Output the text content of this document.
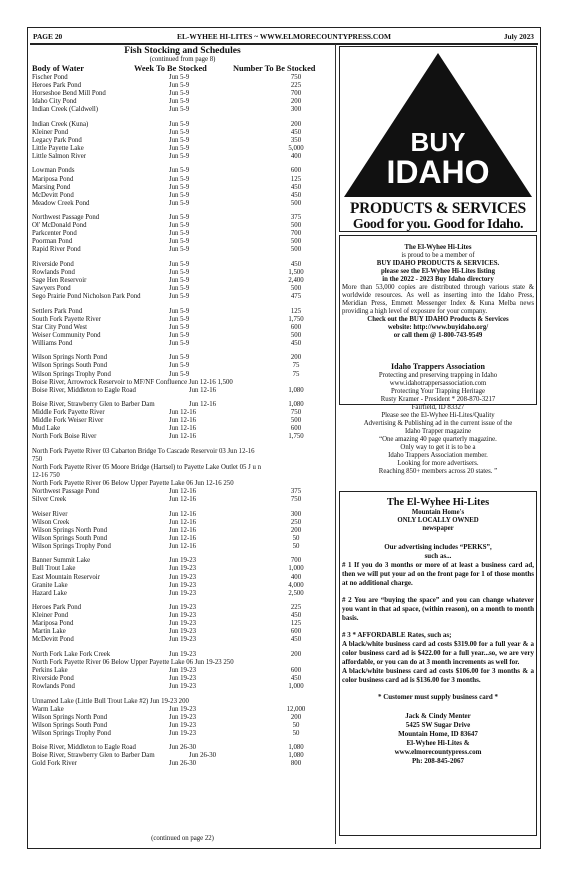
PAGE 20	EL-WYHEE HI-LITES ~ WWW.ELMORECOUNTYPRESS.COM	July 2023
Fish Stocking and Schedules
(continued from page 8)
Body of Water	Week To Be Stocked	Number To Be Stocked
Fischer Pond	Jun 5-9	750
Heroes Park Pond	Jun 5-9	225
Horseshoe Bend Mill Pond	Jun 5-9	700
Idaho City Pond	Jun 5-9	200
Indian Creek (Caldwell)	Jun 5-9	300
Indian Creek (Kuna)	Jun 5-9	200
Kleiner Pond	Jun 5-9	450
Legacy Park Pond	Jun 5-9	350
Little Payette Lake	Jun 5-9	5,000
Little Salmon River	Jun 5-9	400
Lowman Ponds	Jun 5-9	600
Mariposa Pond	Jun 5-9	125
Marsing Pond	Jun 5-9	450
McDevitt Pond	Jun 5-9	450
Meadow Creek Pond	Jun 5-9	500
Northwest Passage Pond	Jun 5-9	375
Ol' McDonald Pond	Jun 5-9	500
Parkcenter Pond	Jun 5-9	700
Poorman Pond	Jun 5-9	500
Rapid River Pond	Jun 5-9	500
Riverside Pond	Jun 5-9	450
Rowlands Pond	Jun 5-9	1,500
Sage Hen Reservoir	Jun 5-9	2,400
Sawyers Pond	Jun 5-9	500
Sego Prairie Pond Nicholson Park Pond	Jun 5-9	475
Settlers Park Pond	Jun 5-9	125
South Fork Payette River	Jun 5-9	1,750
Star City Pond West	Jun 5-9	600
Weiser Community Pond	Jun 5-9	500
Williams Pond	Jun 5-9	450
Wilson Springs North Pond	Jun 5-9	200
Wilson Springs South Pond	Jun 5-9	75
Wilson Springs Trophy Pond	Jun 5-9	75
Boise River, Arrowrock Reservoir to MF/NF Confluence Jun 12-16 1,500
Boise River, Middleton to Eagle Road	Jun 12-16	1,080
Boise River, Strawberry Glen to Barber Dam	Jun 12-16	1,080
Middle Fork Payette River	Jun 12-16	750
Middle Fork Weiser River	Jun 12-16	500
Mud Lake	Jun 12-16	600
North Fork Boise River	Jun 12-16	1,750
North Fork Payette River 03 Cabarton Bridge To Cascade Reservoir 03 Jun 12-16
750
North Fork Payette River 05 Moore Bridge (Hartsel) to Payette Lake Outlet 05 J u n
12-16 750
North Fork Payette River 06 Below Upper Payette Lake 06 Jun 12-16 250
Northwest Passage Pond	Jun 12-16	375
Silver Creek	Jun 12-16	750
Weiser River	Jun 12-16	300
Wilson Creek	Jun 12-16	250
Wilson Springs North Pond	Jun 12-16	200
Wilson Springs South Pond	Jun 12-16	50
Wilson Springs Trophy Pond	Jun 12-16	50
Banner Summit Lake	Jun 19-23	700
Bull Trout Lake	Jun 19-23	1,000
East Mountain Reservoir	Jun 19-23	400
Granite Lake	Jun 19-23	4,000
Hazard Lake	Jun 19-23	2,500
Heroes Park Pond	Jun 19-23	225
Kleiner Pond	Jun 19-23	450
Mariposa Pond	Jun 19-23	125
Martin Lake	Jun 19-23	600
McDevitt Pond	Jun 19-23	450
North Fork Lake Fork Creek	Jun 19-23	200
North Fork Payette River 06 Below Upper Payette Lake 06 Jun 19-23 250
Perkins Lake	Jun 19-23	600
Riverside Pond	Jun 19-23	450
Rowlands Pond	Jun 19-23	1,000
Unnamed Lake (Little Bull Trout Lake #2) Jun 19-23 200
Warm Lake	Jun 19-23	12,000
Wilson Springs North Pond	Jun 19-23	200
Wilson Springs South Pond	Jun 19-23	50
Wilson Springs Trophy Pond	Jun 19-23	50
Boise River, Middleton to Eagle Road	Jun 26-30	1,080
Boise River, Strawberry Glen to Barber Dam	Jun 26-30	1,080
Gold Fork River	Jun 26-30	800
(continued on page 22)
BUY
IDAHO
PRODUCTS & SERVICES
Good for you. Good for Idaho.

The El-Wyhee Hi-Lites

is proud to be a member of

BUY IDAHO PRODUCTS & SERVICES.

please see the El-Wyhee Hi-Lites listing

in the 2022 - 2023 Buy Idaho directory

More than 53,000 copies are distributed through various state & worldwide resources. As well as inserting into the Idaho Press, Meridian Press, Emmett Messenger Index & Kuna Melba news providing a high level of exposure for your company.

Check out the BUY IDAHO Products & Services

website: http://www.buyidaho.org/

or call them @ 1-800-743-9549

Idaho Trappers Association

Protecting and preserving trapping in Idaho

www.idahotrappersassociation.com

Protecting Your Trapping Heritage

Rusty Kramer - President * 208-870-3217

Fairfield, ID 83327

Please see the El-Wyhee Hi-Lites/Quality

Advertising & Publishing ad in the current issue of the

Idaho Trapper magazine

“One amazing 40 page quarterly magazine.

Only way to get it is to be a

Idaho Trappers Association member.

Looking for more advertisers.

Reaching 850+ members across 20 states. ”

The El-Wyhee Hi-Lites

Mountain Home's

ONLY LOCALLY OWNED

newspaper

Our advertising includes “PERKS”,

such as...

# 1 If you do 3 months or more of at least a business card ad, then we will put your ad on the front page for 1 of those months at no additional charge.

# 2 You are “buying the space” and you can change whatever you want in that ad space, (within reason), on a month to month basis.

# 3 * AFFORDABLE Rates, such as;
A black/white business card ad costs $319.00 for a full year & a color business card ad is $422.00 for a full year...so, we are very affordable, or you can do at 3 month increments as well for.
A black/white business card ad costs $106.00 for 3 months & a color business card ad is $136.00 for 3 months.

* Customer must supply business card *

Jack & Cindy Menter

5425 SW Sugar Drive

Mountain Home, ID 83647

El-Wyhee Hi-Lites &

www.elmorecountypress.com

Ph: 208-845-2067
